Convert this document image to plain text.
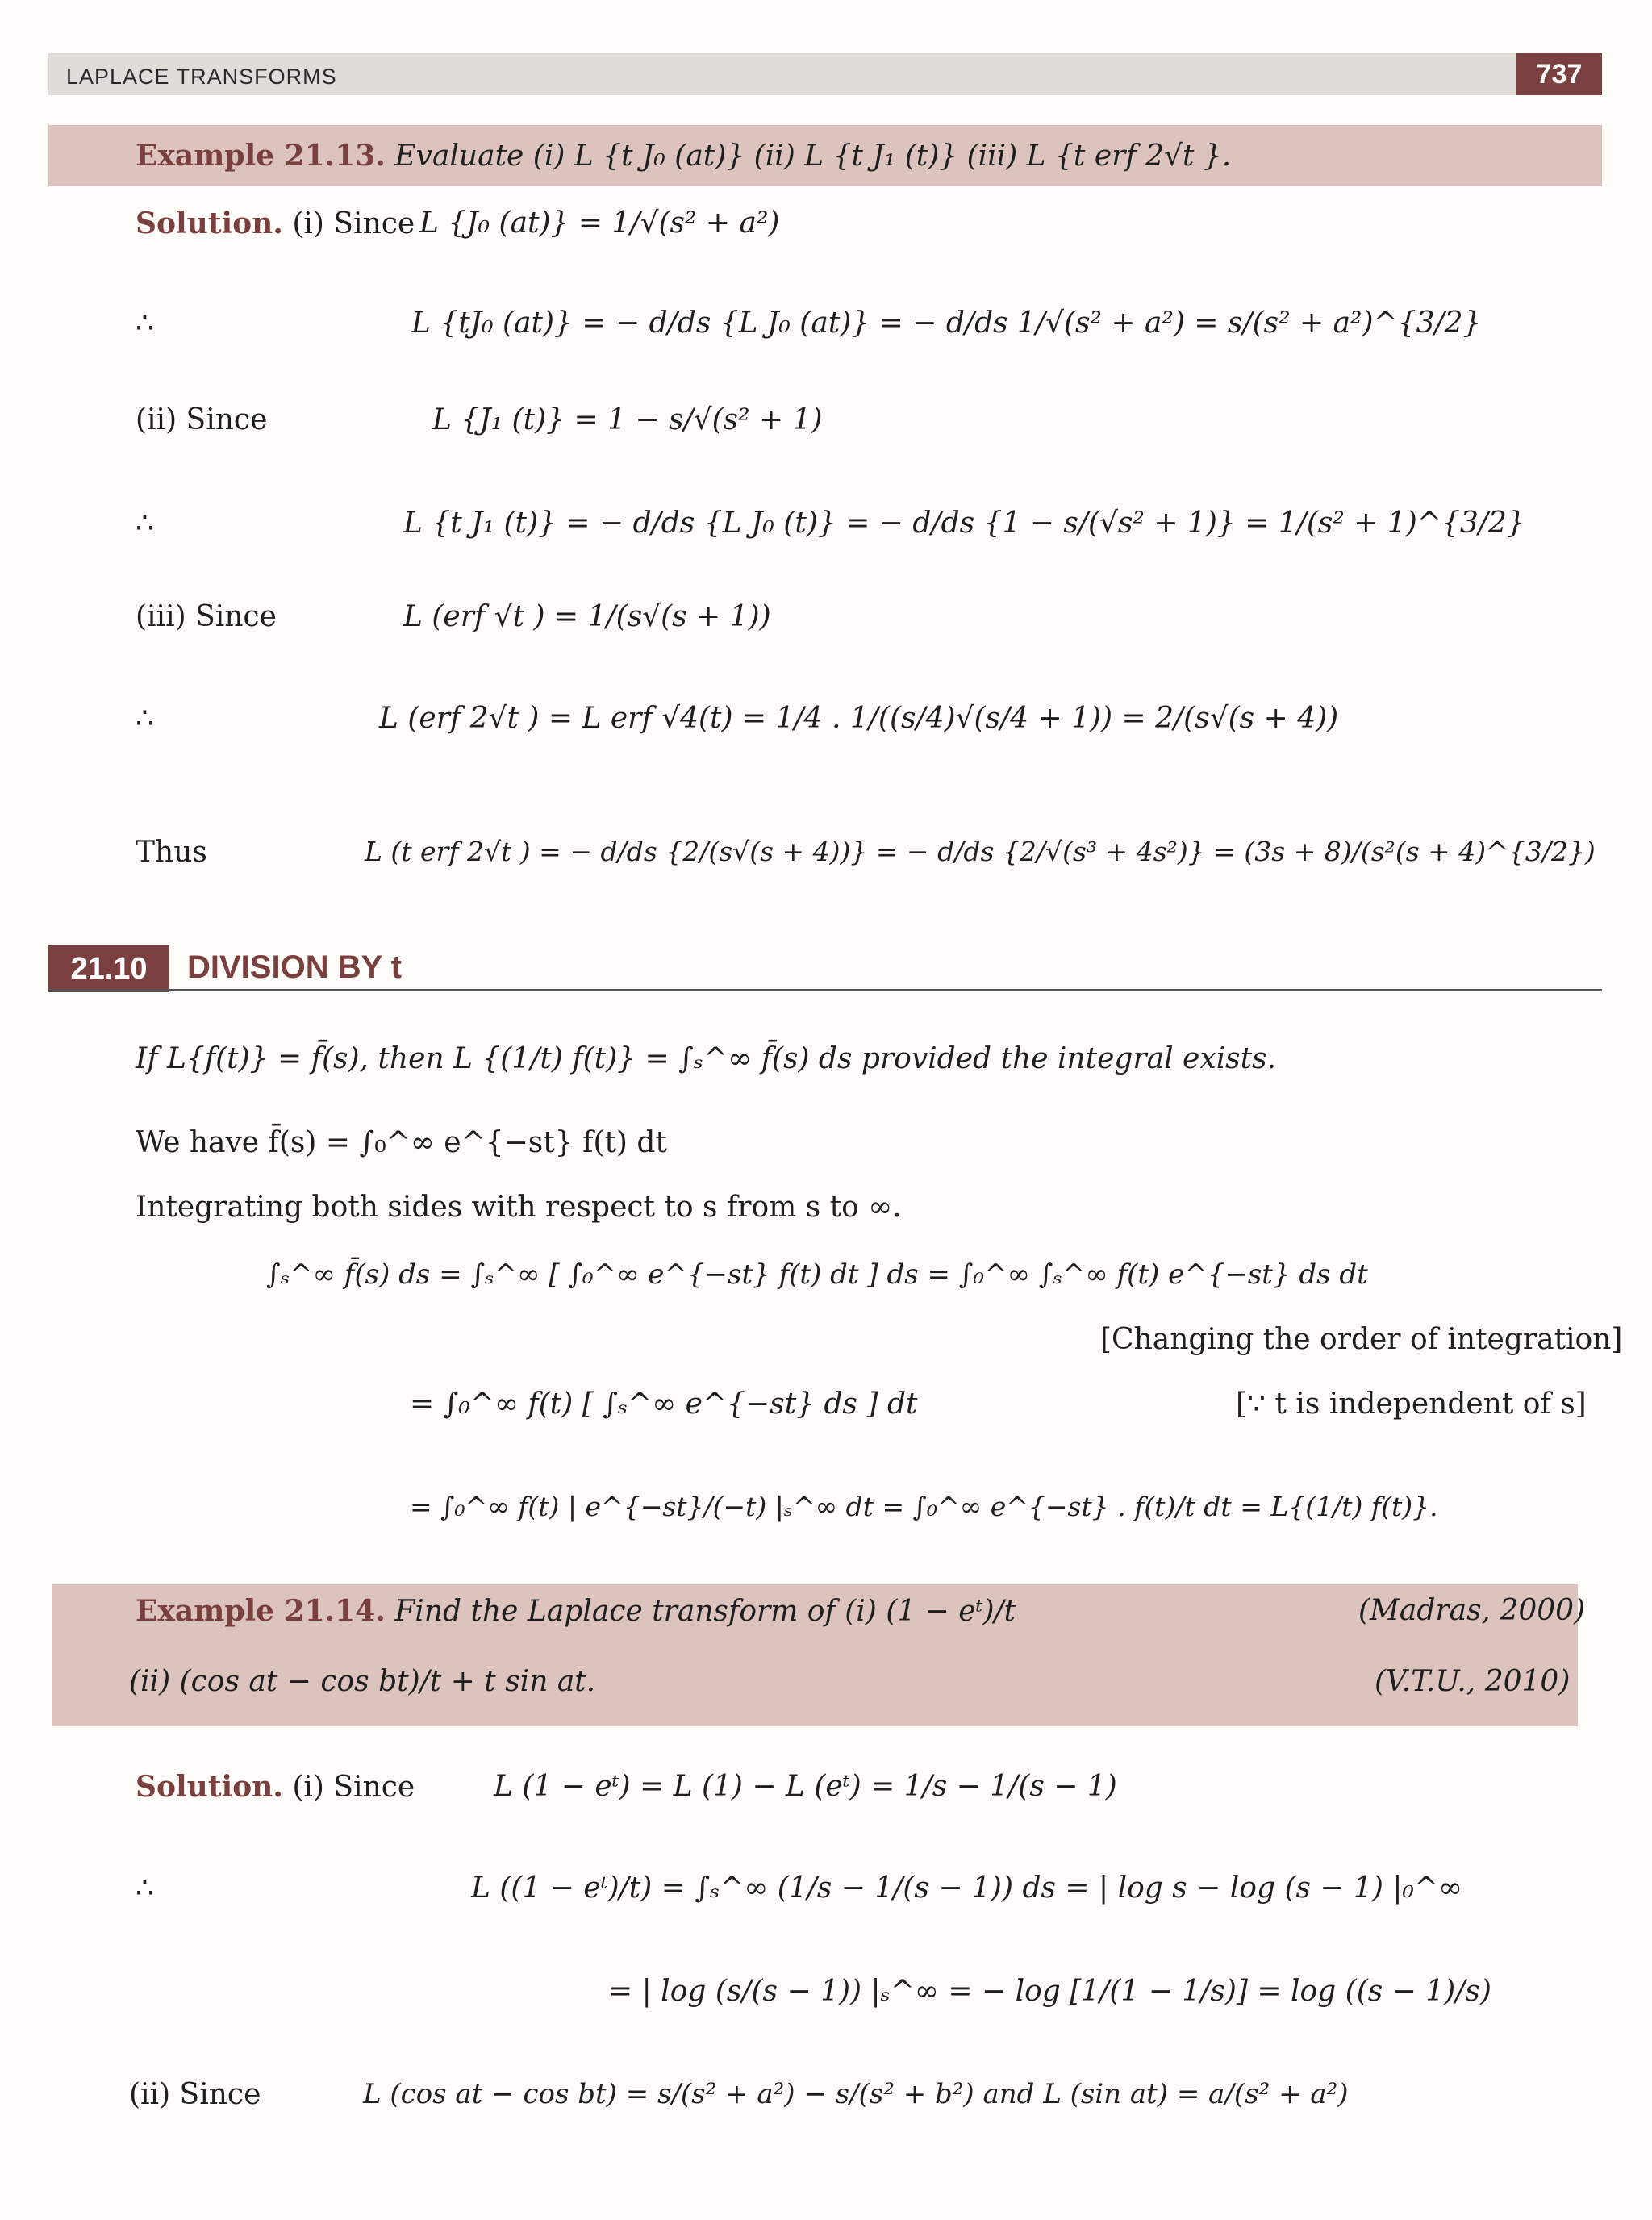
LAPLACE TRANSFORMS	737
Example 21.13. Evaluate (i) L {t J₀ (at)} (ii) L {t J₁ (t)} (iii) L {t erf 2√t }.
Solution. (i) Since L {J₀ (at)} = 1/√(s² + a²)
∴	L {tJ₀ (at)} = − d/ds {L J₀ (at)} = − d/ds 1/√(s² + a²) = s/(s² + a²)^{3/2}
(ii) Since	L {J₁ (t)} = 1 − s/√(s² + 1)
∴	L {t J₁ (t)} = − d/ds {L J₀ (t)} = − d/ds {1 − s/(√s² + 1)} = 1/(s² + 1)^{3/2}
(iii) Since	L (erf √t ) = 1/(s√(s + 1))
∴	L (erf 2√t ) = L erf √4(t) = 1/4 . 1/((s/4)√(s/4 + 1)) = 2/(s√(s + 4))
Thus	L (t erf 2√t ) = − d/ds {2/(s√(s + 4))} = − d/ds {2/√(s³ + 4s²)} = (3s + 8)/(s²(s + 4)^{3/2})
21.10	DIVISION BY t
If L{f(t)} = f̄(s), then L {(1/t) f(t)} = ∫ₛ^∞ f̄(s) ds provided the integral exists.
We have f̄(s) = ∫₀^∞ e^{−st} f(t) dt
Integrating both sides with respect to s from s to ∞.
∫ₛ^∞ f̄(s) ds = ∫ₛ^∞ [ ∫₀^∞ e^{−st} f(t) dt ] ds = ∫₀^∞ ∫ₛ^∞ f(t) e^{−st} ds dt
[Changing the order of integration]
= ∫₀^∞ f(t) [ ∫ₛ^∞ e^{−st} ds ] dt	[∵ t is independent of s]
= ∫₀^∞ f(t) | e^{−st}/(−t) |ₛ^∞ dt = ∫₀^∞ e^{−st} . f(t)/t dt = L{(1/t) f(t)}.
Example 21.14. Find the Laplace transform of (i) (1 − eᵗ)/t	(Madras, 2000)
(ii) (cos at − cos bt)/t + t sin at.	(V.T.U., 2010)
Solution. (i) Since	L (1 − eᵗ) = L (1) − L (eᵗ) = 1/s − 1/(s − 1)
∴	L ((1 − eᵗ)/t) = ∫ₛ^∞ (1/s − 1/(s − 1)) ds = | log s − log (s − 1) |₀^∞
= | log (s/(s − 1)) |ₛ^∞ = − log [1/(1 − 1/s)] = log ((s − 1)/s)
(ii) Since	L (cos at − cos bt) = s/(s² + a²) − s/(s² + b²) and L (sin at) = a/(s² + a²)
